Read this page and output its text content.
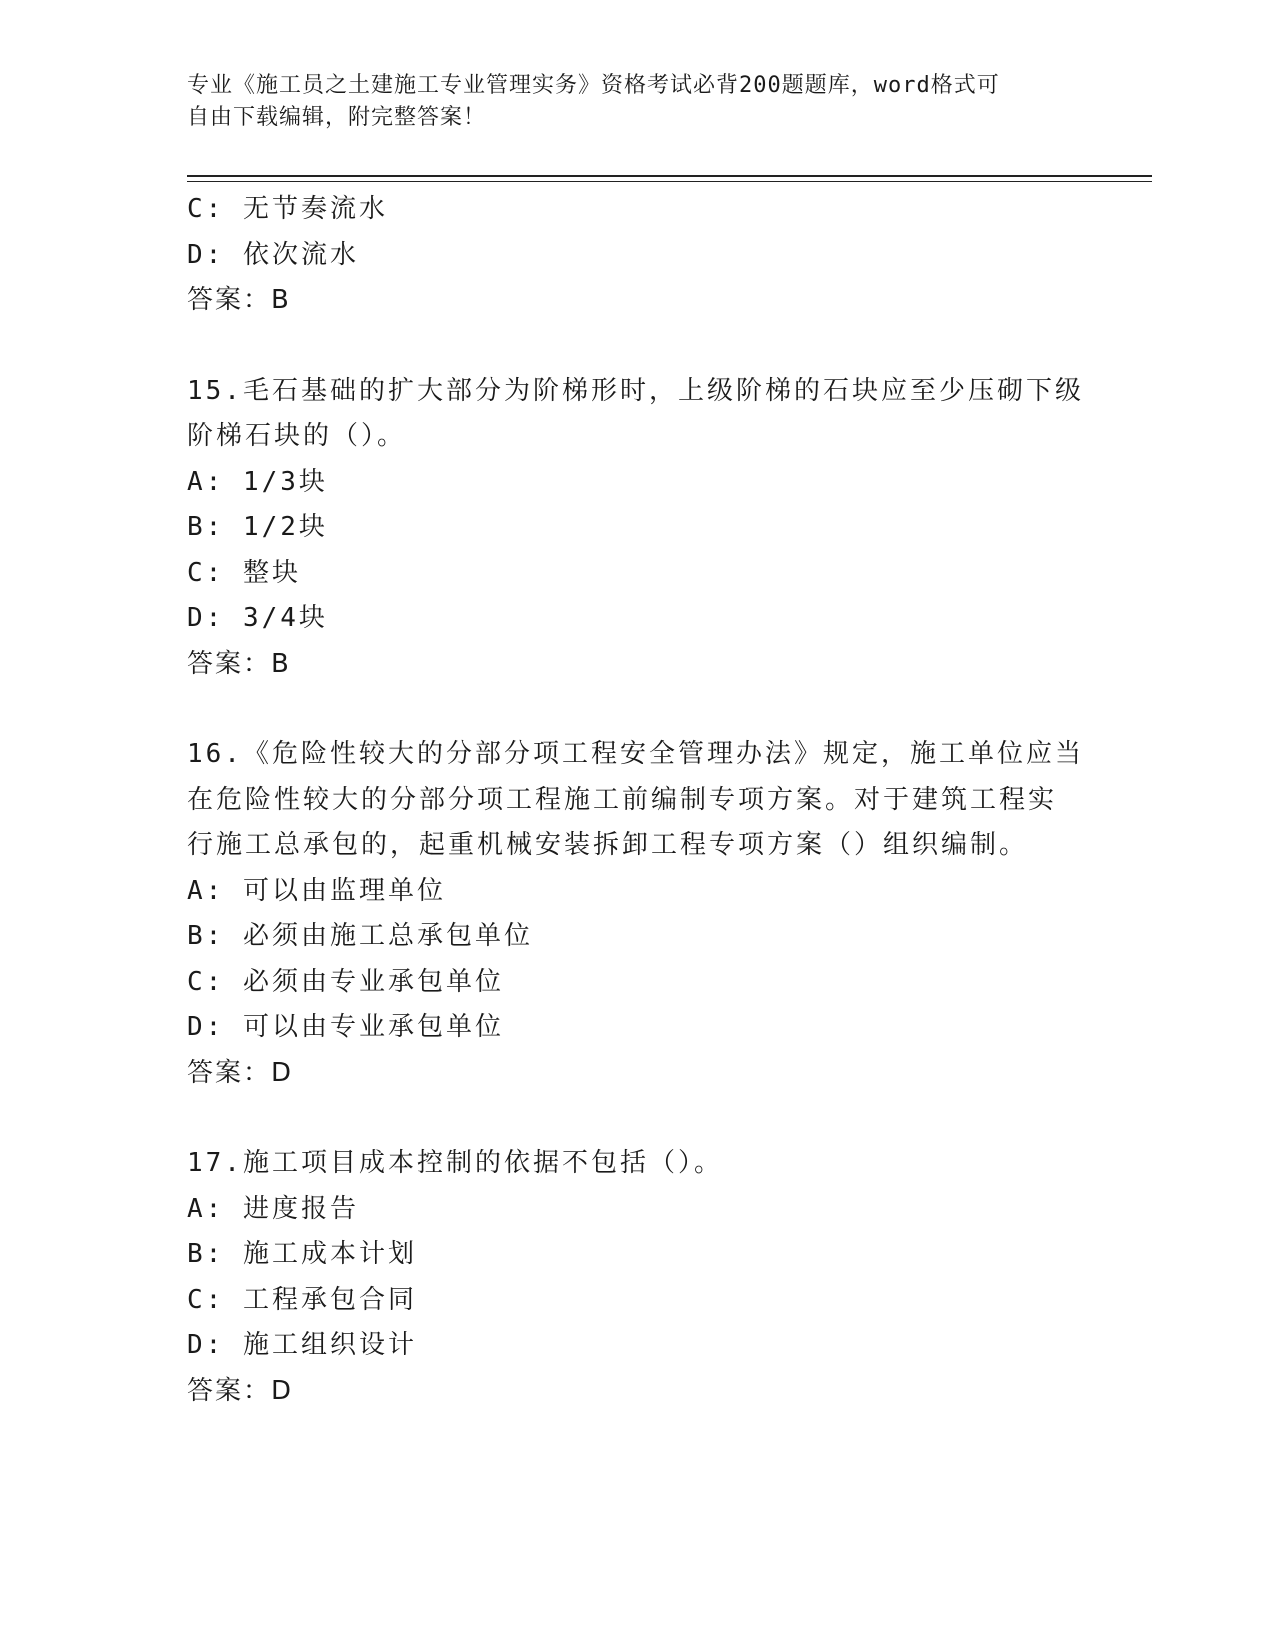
专业《施工员之土建施工专业管理实务》资格考试必背200题题库，word格式可
自由下载编辑，附完整答案！
C: 无节奏流水
D: 依次流水
答案：B
15.毛石基础的扩大部分为阶梯形时，上级阶梯的石块应至少压砌下级
阶梯石块的（）。
A: 1/3块
B: 1/2块
C: 整块
D: 3/4块
答案：B
16.《危险性较大的分部分项工程安全管理办法》规定，施工单位应当
在危险性较大的分部分项工程施工前编制专项方案。对于建筑工程实
行施工总承包的，起重机械安装拆卸工程专项方案（）组织编制。
A: 可以由监理单位
B: 必须由施工总承包单位
C: 必须由专业承包单位
D: 可以由专业承包单位
答案：D
17.施工项目成本控制的依据不包括（）。
A: 进度报告
B: 施工成本计划
C: 工程承包合同
D: 施工组织设计
答案：D
